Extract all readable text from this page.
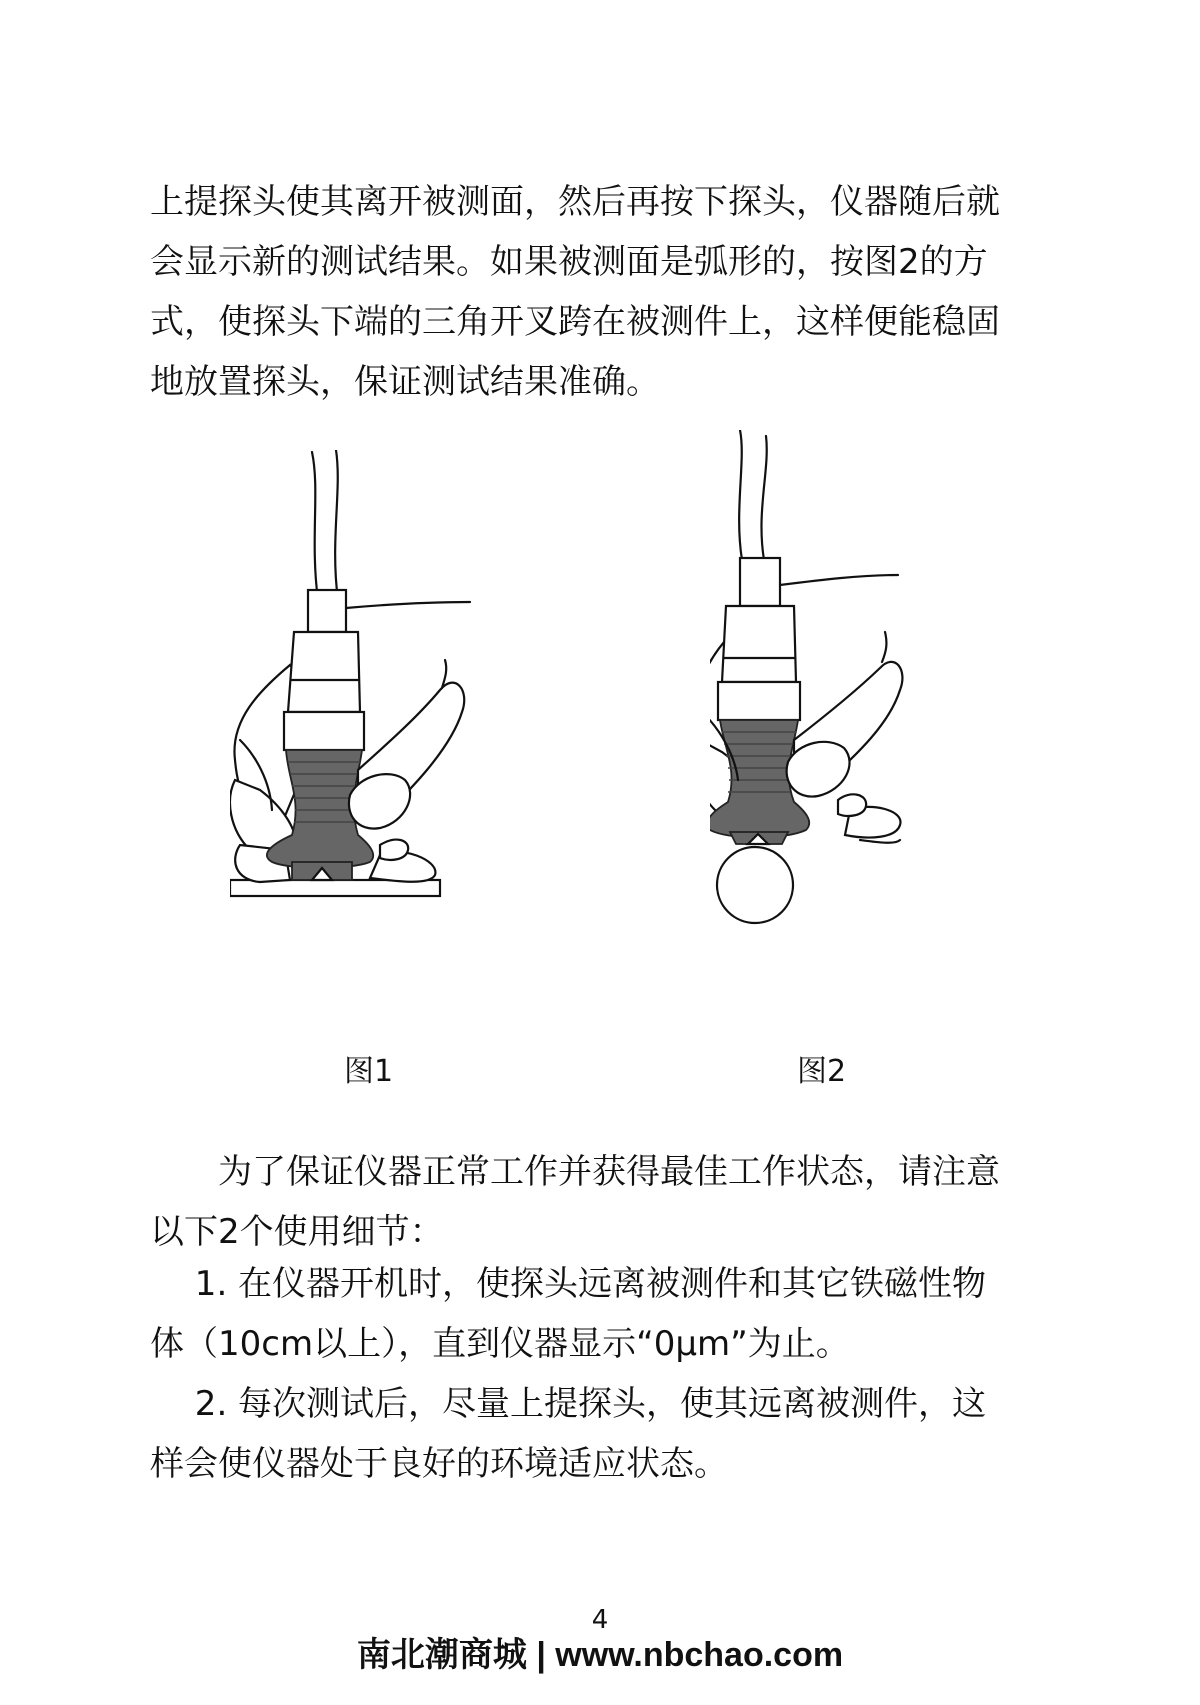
上提探头使其离开被测面，然后再按下探头，仪器随后就
会显示新的测试结果。如果被测面是弧形的，按图2的方
式，使探头下端的三角开叉跨在被测件上，这样便能稳固
地放置探头，保证测试结果准确。
图1	图2
　　为了保证仪器正常工作并获得最佳工作状态，请注意
以下2个使用细节：
　 1. 在仪器开机时，使探头远离被测件和其它铁磁性物
体（10cm以上），直到仪器显示“0μm”为止。
　 2. 每次测试后，尽量上提探头，使其远离被测件，这
样会使仪器处于良好的环境适应状态。
4
南北潮商城 | www.nbchao.com
